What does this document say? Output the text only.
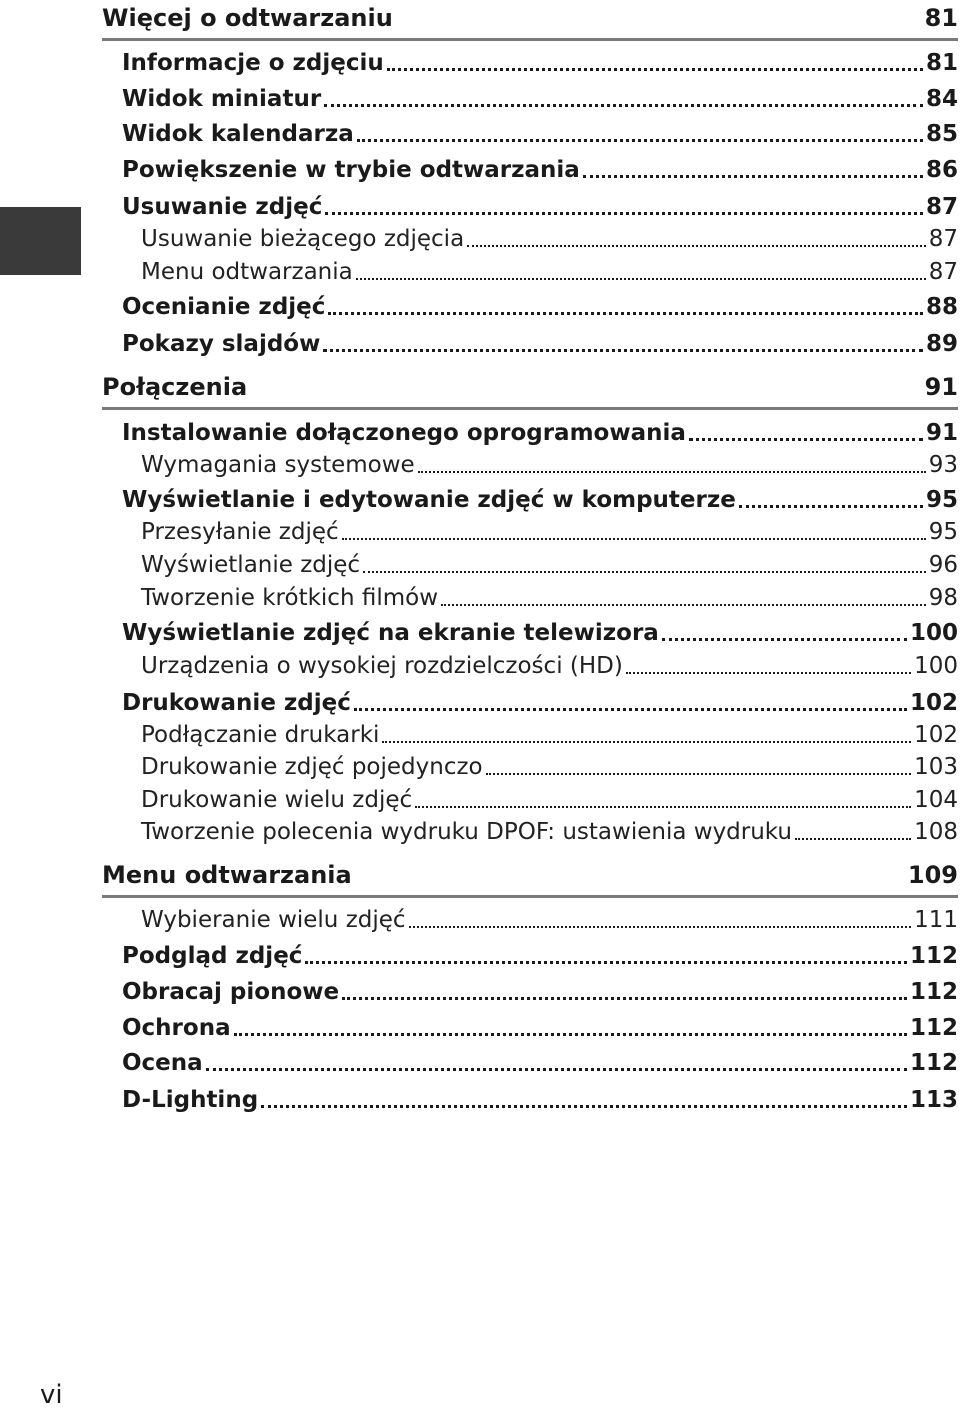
Więcej o odtwarzaniu	81
Informacje o zdjęciu	81
Widok miniatur	84
Widok kalendarza	85
Powiększenie w trybie odtwarzania	86
Usuwanie zdjęć	87
Usuwanie bieżącego zdjęcia	87
Menu odtwarzania	87
Ocenianie zdjęć	88
Pokazy slajdów	89
Połączenia	91
Instalowanie dołączonego oprogramowania	91
Wymagania systemowe	93
Wyświetlanie i edytowanie zdjęć w komputerze	95
Przesyłanie zdjęć	95
Wyświetlanie zdjęć	96
Tworzenie krótkich filmów	98
Wyświetlanie zdjęć na ekranie telewizora	100
Urządzenia o wysokiej rozdzielczości (HD)	100
Drukowanie zdjęć	102
Podłączanie drukarki	102
Drukowanie zdjęć pojedynczo	103
Drukowanie wielu zdjęć	104
Tworzenie polecenia wydruku DPOF: ustawienia wydruku	108
Menu odtwarzania	109
Wybieranie wielu zdjęć	111
Podgląd zdjęć	112
Obracaj pionowe	112
Ochrona	112
Ocena	112
D-Lighting	113
vi
